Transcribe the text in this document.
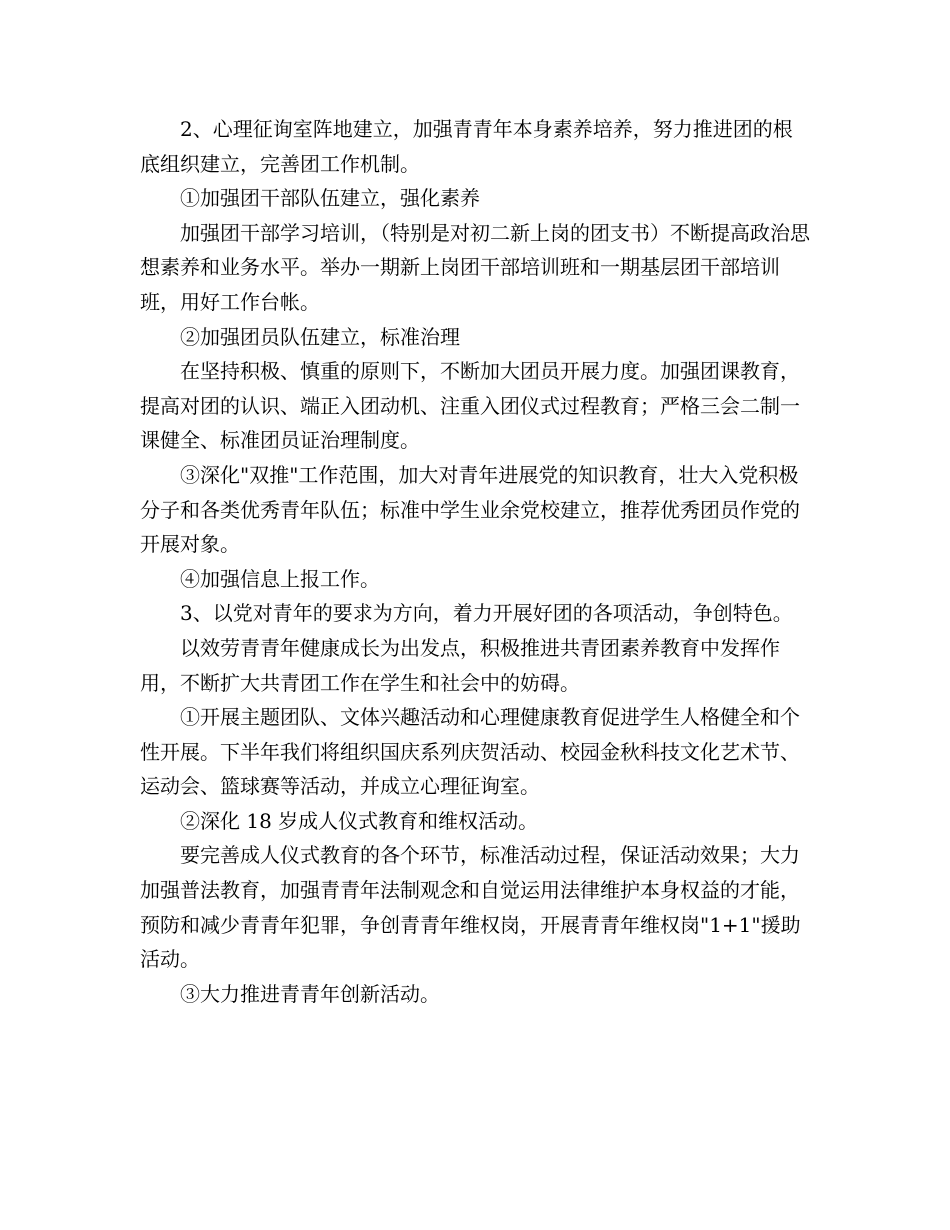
2、心理征询室阵地建立，加强青青年本身素养培养，努力推进团的根底组织建立，完善团工作机制。

①加强团干部队伍建立，强化素养

加强团干部学习培训，（特别是对初二新上岗的团支书）不断提高政治思想素养和业务水平。举办一期新上岗团干部培训班和一期基层团干部培训班，用好工作台帐。

②加强团员队伍建立，标准治理

在坚持积极、慎重的原则下，不断加大团员开展力度。加强团课教育，提高对团的认识、端正入团动机、注重入团仪式过程教育；严格三会二制一课健全、标准团员证治理制度。

③深化"双推"工作范围，加大对青年进展党的知识教育，壮大入党积极分子和各类优秀青年队伍；标准中学生业余党校建立，推荐优秀团员作党的开展对象。

④加强信息上报工作。

3、以党对青年的要求为方向，着力开展好团的各项活动，争创特色。

以效劳青青年健康成长为出发点，积极推进共青团素养教育中发挥作用，不断扩大共青团工作在学生和社会中的妨碍。

①开展主题团队、文体兴趣活动和心理健康教育促进学生人格健全和个性开展。下半年我们将组织国庆系列庆贺活动、校园金秋科技文化艺术节、运动会、篮球赛等活动，并成立心理征询室。

②深化 18 岁成人仪式教育和维权活动。

要完善成人仪式教育的各个环节，标准活动过程，保证活动效果；大力加强普法教育，加强青青年法制观念和自觉运用法律维护本身权益的才能，预防和减少青青年犯罪，争创青青年维权岗，开展青青年维权岗"1+1"援助活动。

③大力推进青青年创新活动。
